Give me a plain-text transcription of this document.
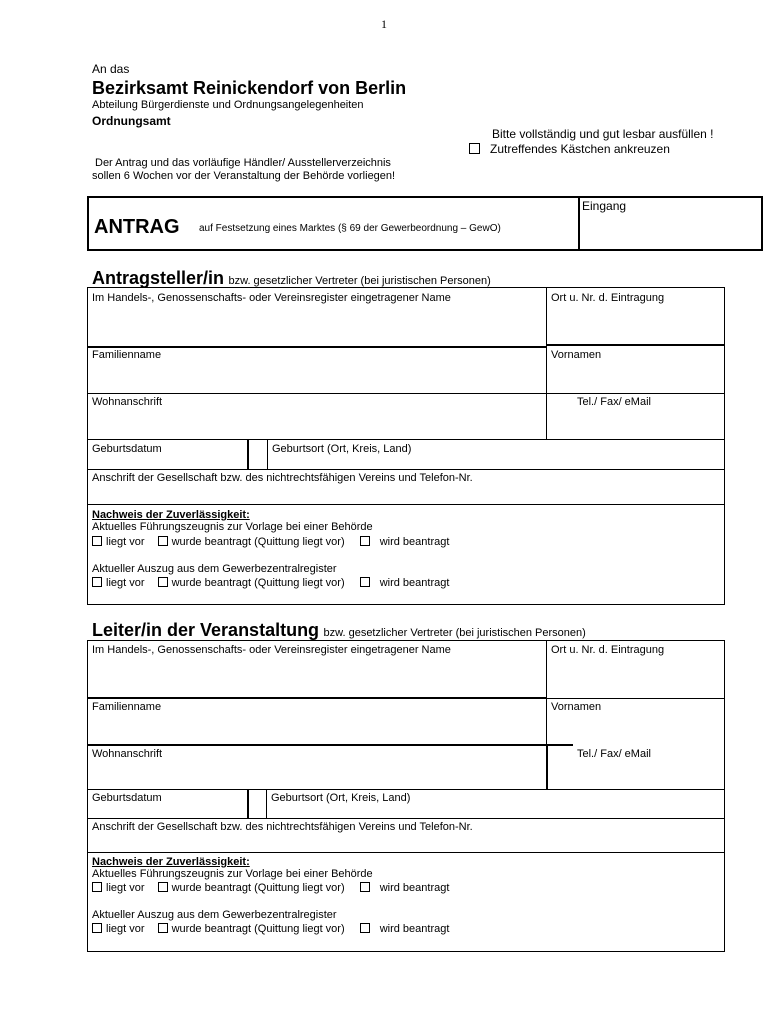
1
An das
Bezirksamt Reinickendorf von Berlin
Abteilung Bürgerdienste und Ordnungsangelegenheiten
Ordnungsamt
Bitte vollständig und gut lesbar ausfüllen !
Zutreffendes Kästchen ankreuzen
Der Antrag und das vorläufige Händler/ Ausstellerverzeichnis
sollen 6 Wochen vor der Veranstaltung der Behörde vorliegen!
ANTRAG auf Festsetzung eines Marktes (§ 69 der Gewerbeordnung – GewO)
Eingang
Antragsteller/in bzw. gesetzlicher Vertreter (bei juristischen Personen)
Im Handels-, Genossenschafts- oder Vereinsregister eingetragener Name	Ort u. Nr. d. Eintragung
Familienname	Vornamen
Wohnanschrift	Tel./ Fax/ eMail
Geburtsdatum	Geburtsort (Ort, Kreis, Land)
Anschrift der Gesellschaft bzw. des nichtrechtsfähigen Vereins und Telefon-Nr.
Nachweis der Zuverlässigkeit:
Aktuelles Führungszeugnis zur Vorlage bei einer Behörde
liegt vor wurde beantragt (Quittung liegt vor)	wird beantragt
Aktueller Auszug aus dem Gewerbezentralregister
liegt vor wurde beantragt (Quittung liegt vor)	wird beantragt
Leiter/in der Veranstaltung bzw. gesetzlicher Vertreter (bei juristischen Personen)
Im Handels-, Genossenschafts- oder Vereinsregister eingetragener Name	Ort u. Nr. d. Eintragung
Familienname	Vornamen
Wohnanschrift	Tel./ Fax/ eMail
Geburtsdatum	Geburtsort (Ort, Kreis, Land)
Anschrift der Gesellschaft bzw. des nichtrechtsfähigen Vereins und Telefon-Nr.
Nachweis der Zuverlässigkeit:
Aktuelles Führungszeugnis zur Vorlage bei einer Behörde
liegt vor wurde beantragt (Quittung liegt vor)	wird beantragt
Aktueller Auszug aus dem Gewerbezentralregister
liegt vor wurde beantragt (Quittung liegt vor)	wird beantragt
